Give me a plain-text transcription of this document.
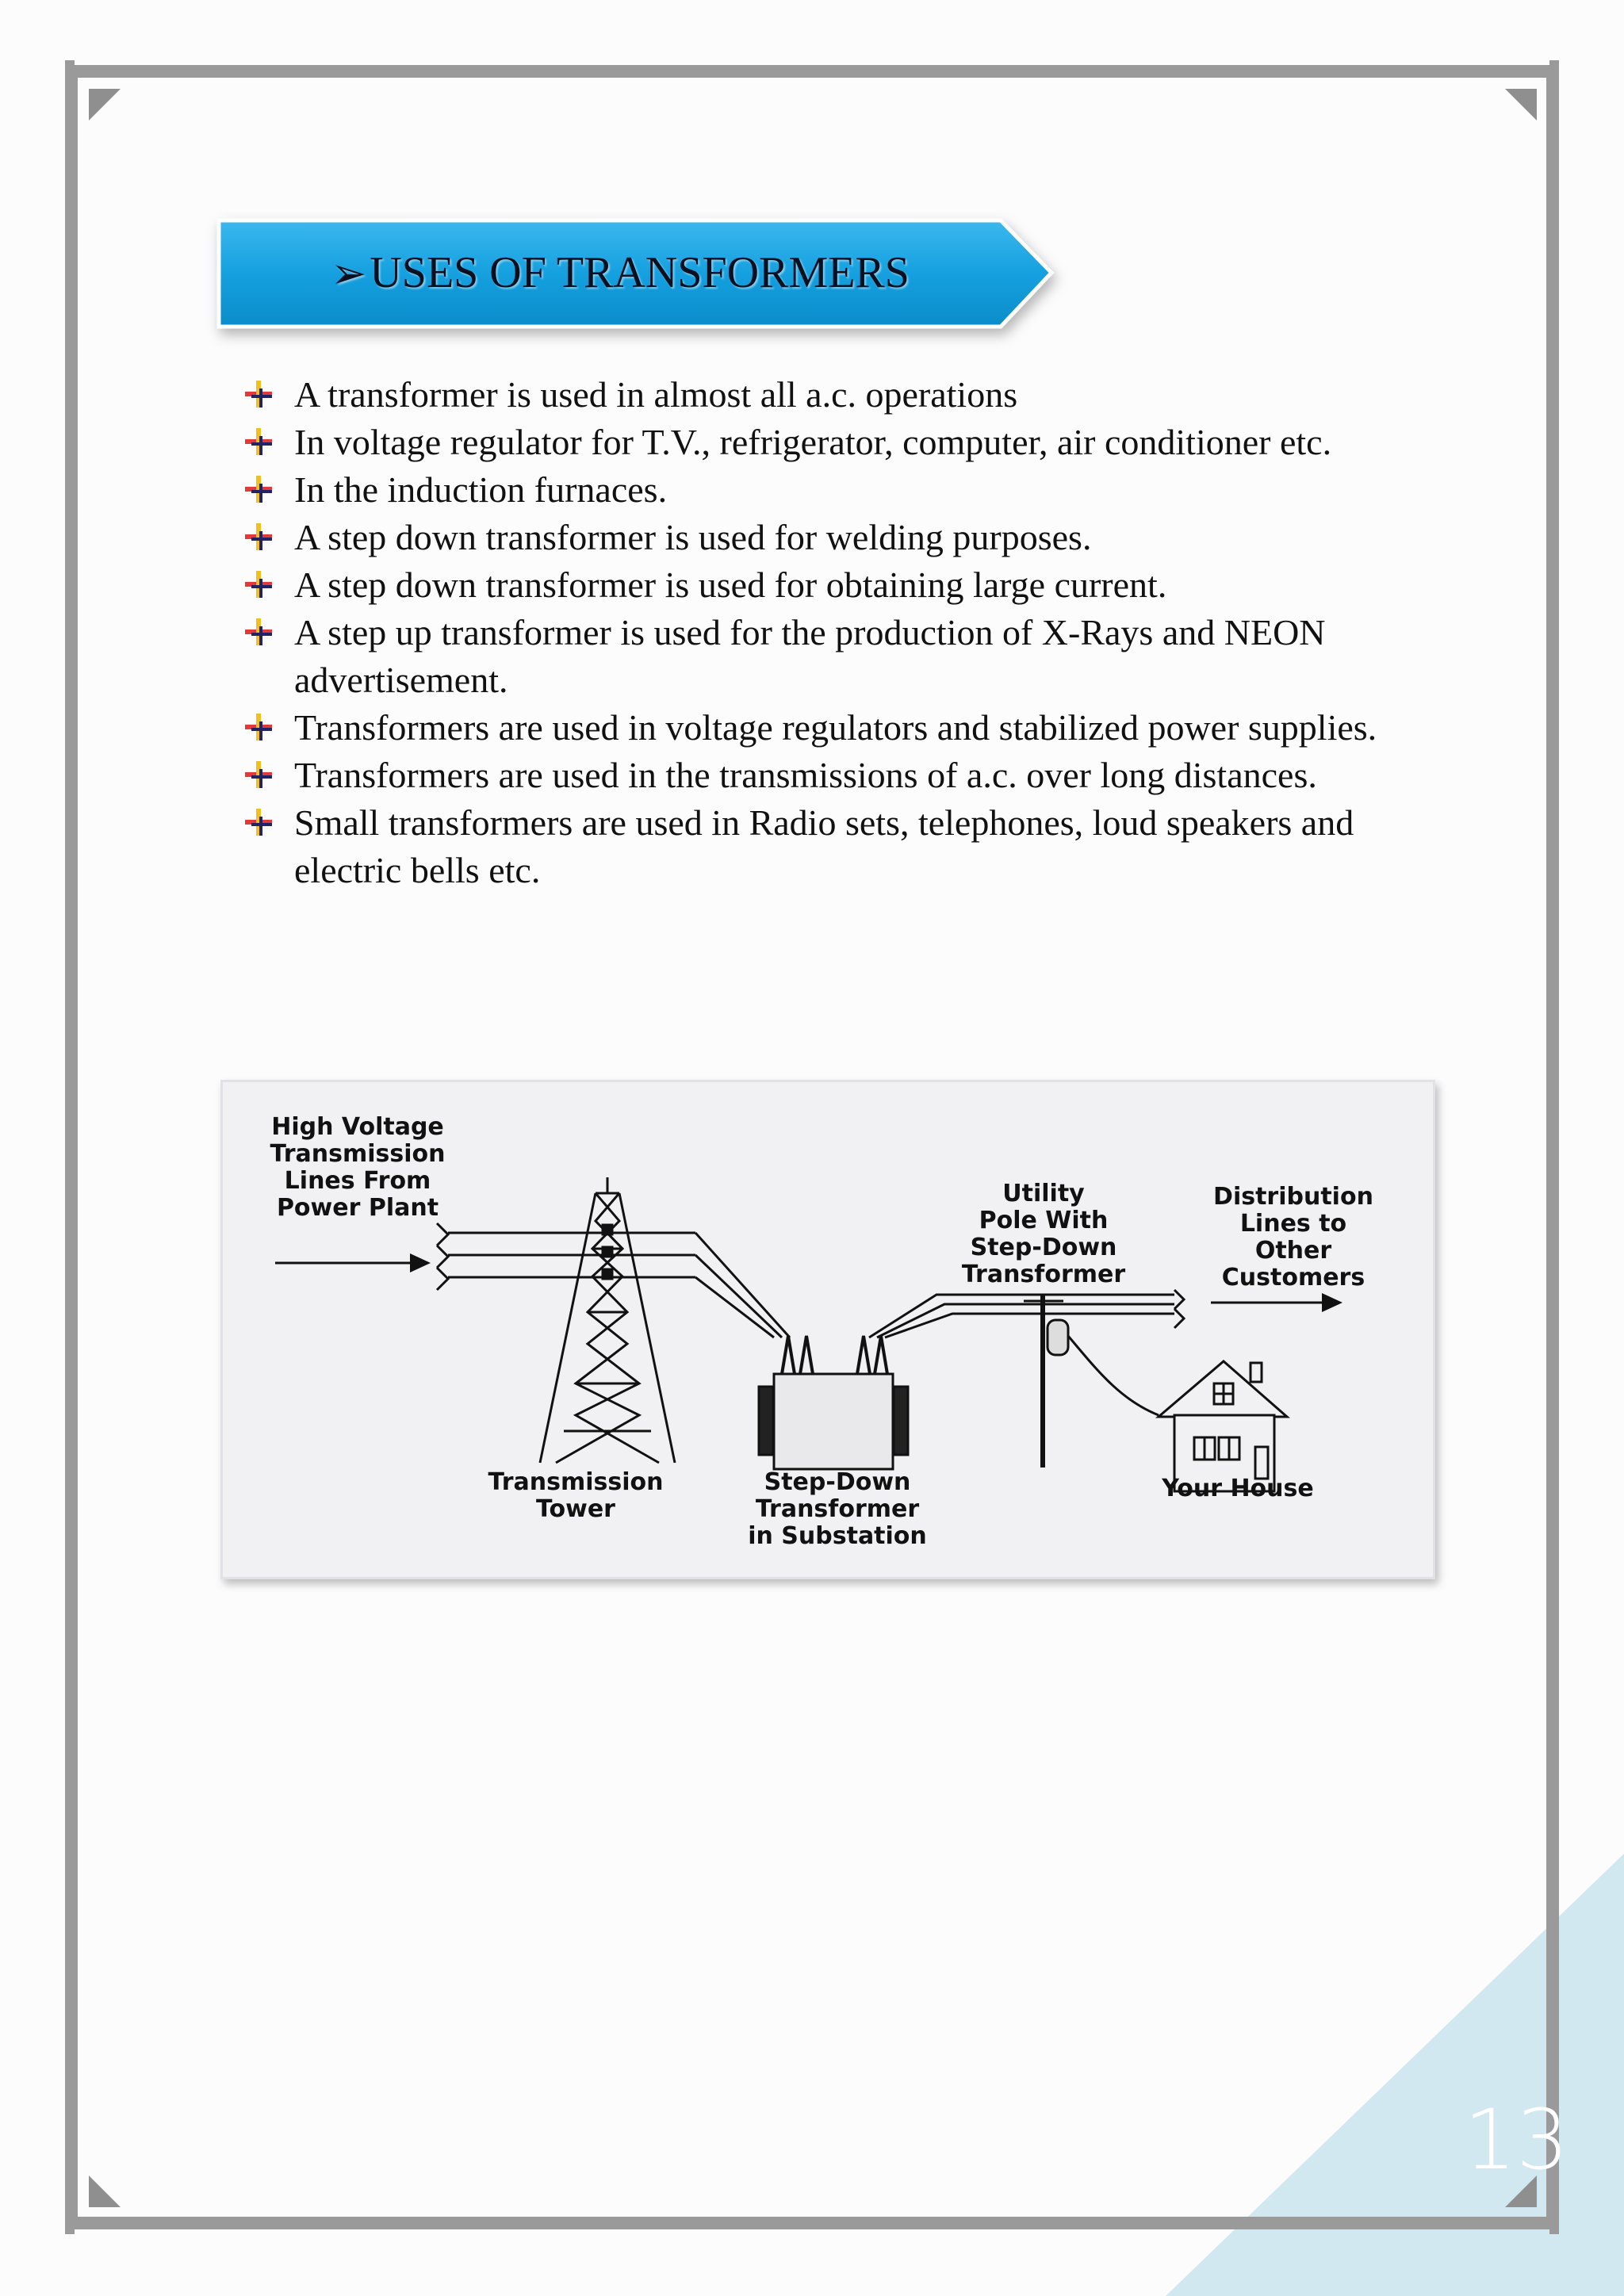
➢ USES OF TRANSFORMERS
A transformer is used in almost all a.c. operations
In voltage regulator for T.V., refrigerator, computer, air conditioner etc.
In the induction furnaces.
A step down transformer is used for welding purposes.
A step down transformer is used for obtaining large current.
A step up transformer is used for the production of X-Rays and NEON advertisement.
Transformers are used in voltage regulators and stabilized power supplies.
Transformers are used in the transmissions of a.c. over long distances.
Small transformers are used in Radio sets, telephones, loud speakers and electric bells etc.
High Voltage
Transmission
Lines From
Power Plant
Transmission
Tower
Step-Down
Transformer
in Substation
Utility
Pole With
Step-Down
Transformer
Distribution
Lines to
Other
Customers
Your House
13
